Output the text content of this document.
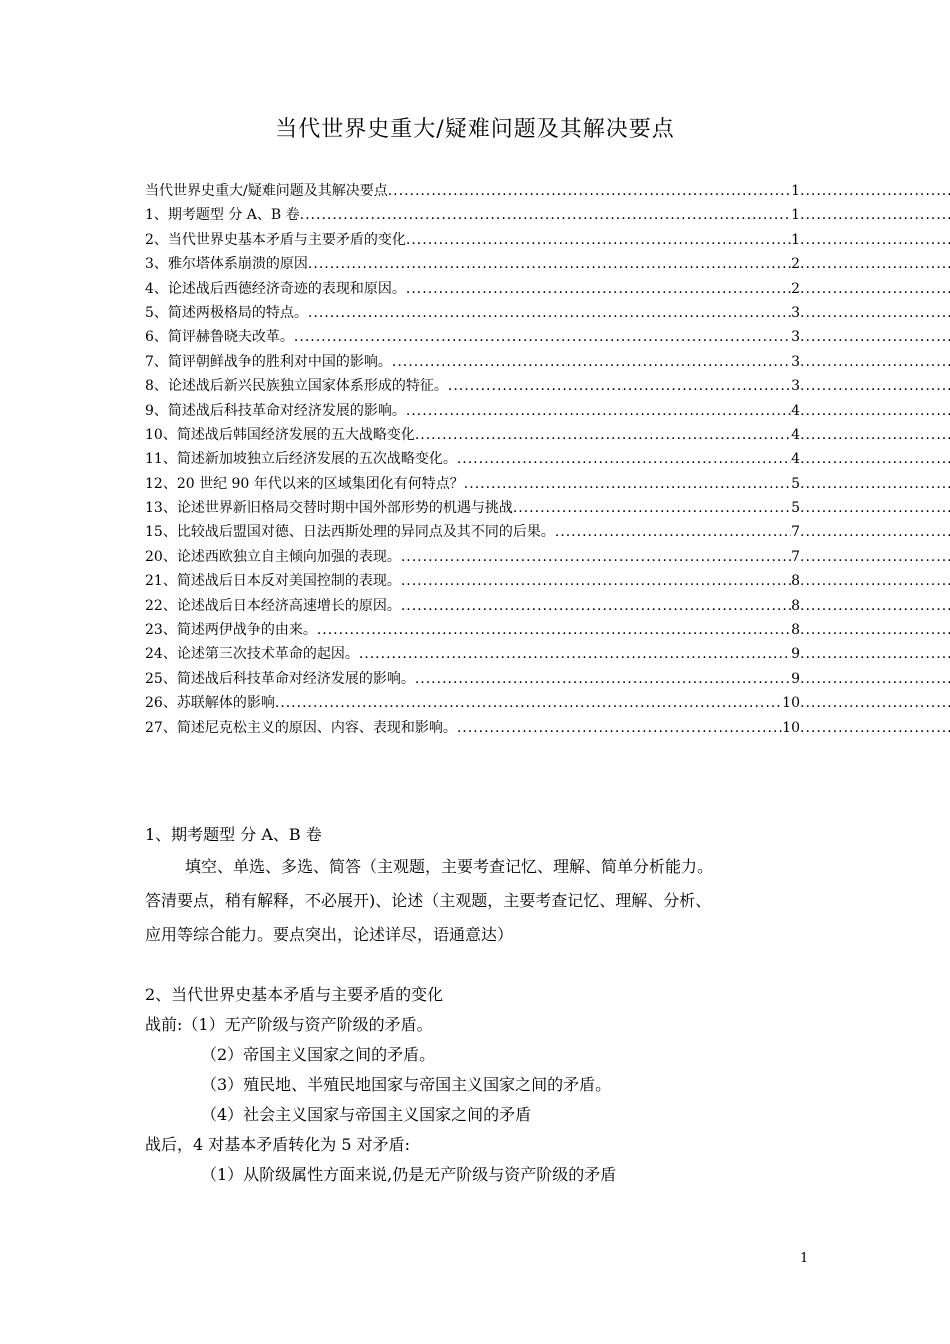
当代世界史重大/疑难问题及其解决要点
当代世界史重大/疑难问题及其解决要点 .....	1
.....
1、期考题型 分 A、B 卷 .....	1
.....
2、当代世界史基本矛盾与主要矛盾的变化 .....	1
.....
3、雅尔塔体系崩溃的原因 .....	2
.....
4、论述战后西德经济奇迹的表现和原因。 .....	2
.....
5、简述两极格局的特点。 .....	3
.....
6、简评赫鲁晓夫改革。 .....	3
.....
7、简评朝鲜战争的胜利对中国的影响。 .....	3
.....
8、论述战后新兴民族独立国家体系形成的特征。 .....	3
.....
9、简述战后科技革命对经济发展的影响。 .....	4
.....
10、简述战后韩国经济发展的五大战略变化 .....	4
.....
11、简述新加坡独立后经济发展的五次战略变化。 .....	4
.....
12、20 世纪 90 年代以来的区域集团化有何特点？ .....	5
.....
13、论述世界新旧格局交替时期中国外部形势的机遇与挑战 .....	5
.....
15、比较战后盟国对德、日法西斯处理的异同点及其不同的后果。 .....	7
.....
20、论述西欧独立自主倾向加强的表现。 .....	7
.....
21、简述战后日本反对美国控制的表现。 .....	8
.....
22、论述战后日本经济高速增长的原因。 .....	8
.....
23、简述两伊战争的由来。 .....	8
.....
24、论述第三次技术革命的起因。 .....	9
.....
25、简述战后科技革命对经济发展的影响。 .....	9
.....
26、苏联解体的影响 .....	10
.....
27、简述尼克松主义的原因、内容、表现和影响。 .....	10
.....
1、期考题型 分 A、B 卷
填空、单选、多选、简答（主观题，主要考查记忆、理解、简单分析能力。
答清要点，稍有解释，不必展开)、论述（主观题，主要考查记忆、理解、分析、
应用等综合能力。要点突出，论述详尽，语通意达）
2、当代世界史基本矛盾与主要矛盾的变化
战前:（1）无产阶级与资产阶级的矛盾。
（2）帝国主义国家之间的矛盾。
（3）殖民地、半殖民地国家与帝国主义国家之间的矛盾。
（4）社会主义国家与帝国主义国家之间的矛盾
战后，4 对基本矛盾转化为 5 对矛盾:
（1）从阶级属性方面来说,仍是无产阶级与资产阶级的矛盾
1
